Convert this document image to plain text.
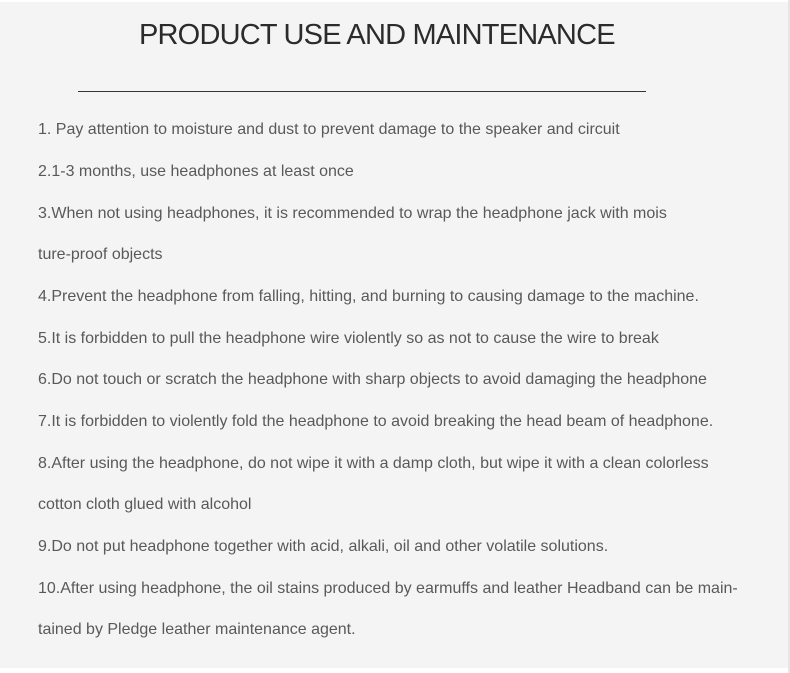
PRODUCT USE AND MAINTENANCE
1. Pay attention to moisture and dust to prevent damage to the speaker and circuit
2.1-3 months, use headphones at least once
3.When not using headphones, it is recommended to wrap the headphone jack with mois
ture-proof objects
4.Prevent the headphone from falling, hitting, and burning to causing damage to the machine.
5.It is forbidden to pull the headphone wire violently so as not to cause the wire to break
6.Do not touch or scratch the headphone with sharp objects to avoid damaging the headphone
7.It is forbidden to violently fold the headphone to avoid breaking the head beam of headphone.
8.After using the headphone, do not wipe it with a damp cloth, but wipe it with a clean colorless
cotton cloth glued with alcohol
9.Do not put headphone together with acid, alkali, oil and other volatile solutions.
10.After using headphone, the oil stains produced by earmuffs and leather Headband can be main-
tained by Pledge leather maintenance agent.
